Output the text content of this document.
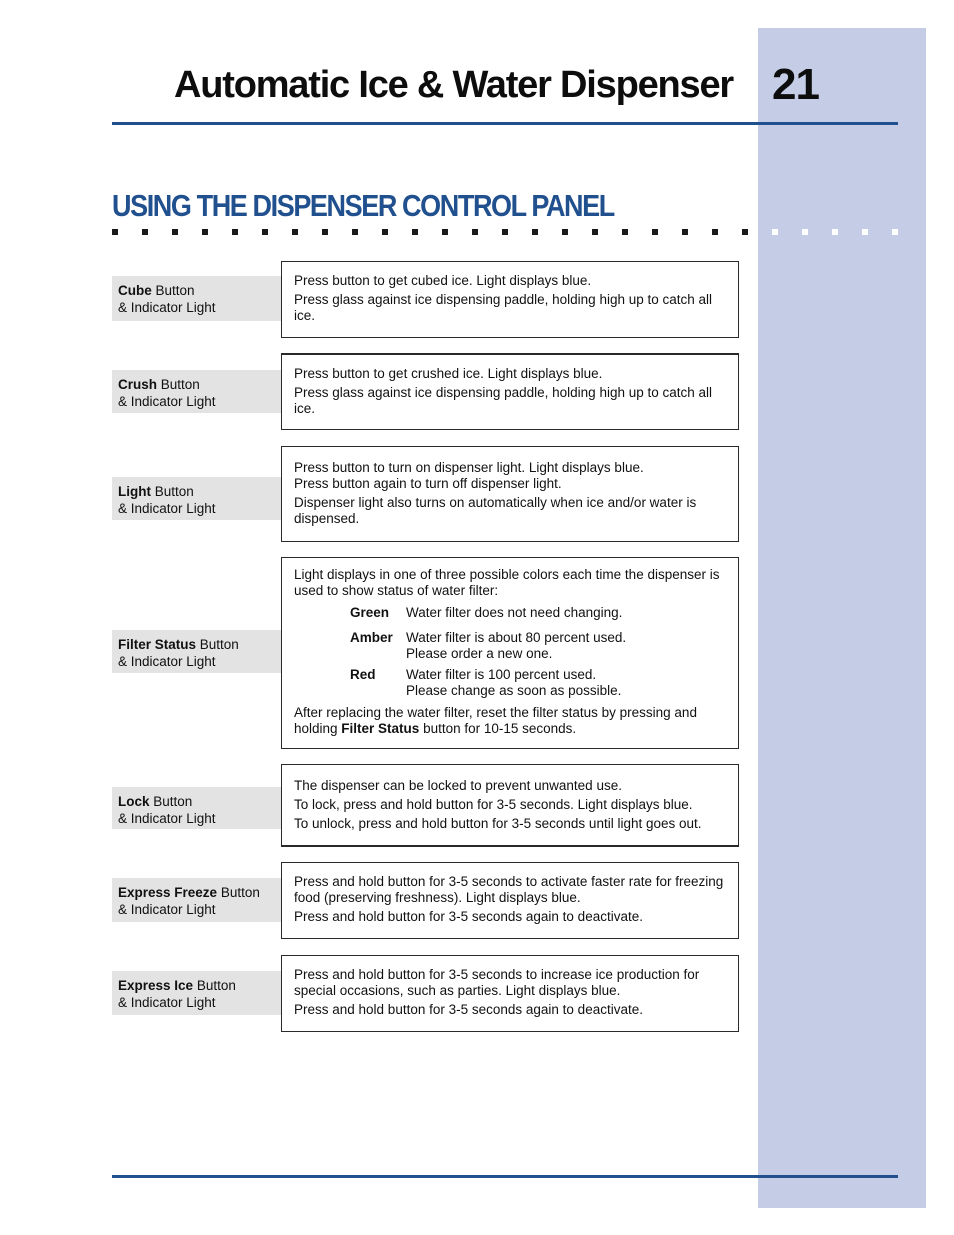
Automatic Ice & Water Dispenser 21
USING THE DISPENSER CONTROL PANEL
Cube Button
& Indicator Light

Press button to get cubed ice. Light displays blue.

Press glass against ice dispensing paddle, holding high up to catch all ice.

Crush Button
& Indicator Light

Press button to get crushed ice. Light displays blue.

Press glass against ice dispensing paddle, holding high up to catch all ice.

Light Button
& Indicator Light

Press button to turn on dispenser light. Light displays blue.

Press button again to turn off dispenser light.

Dispenser light also turns on automatically when ice and/or water is dispensed.

Filter Status Button
& Indicator Light

Light displays in one of three possible colors each time the dispenser is used to show status of water filter:

Green	Water filter does not need changing.
Amber Water filter is about 80 percent used.
Please order a new one.
Red	Water filter is 100 percent used.
Please change as soon as possible.

After replacing the water filter, reset the filter status by pressing and holding Filter Status button for 10-15 seconds.

Lock Button
& Indicator Light

The dispenser can be locked to prevent unwanted use.

To lock, press and hold button for 3-5 seconds. Light displays blue.

To unlock, press and hold button for 3-5 seconds until light goes out.

Express Freeze Button
& Indicator Light

Press and hold button for 3-5 seconds to activate faster rate for freezing food (preserving freshness). Light displays blue.

Press and hold button for 3-5 seconds again to deactivate.

Express Ice Button
& Indicator Light

Press and hold button for 3-5 seconds to increase ice production for special occasions, such as parties. Light displays blue.

Press and hold button for 3-5 seconds again to deactivate.
